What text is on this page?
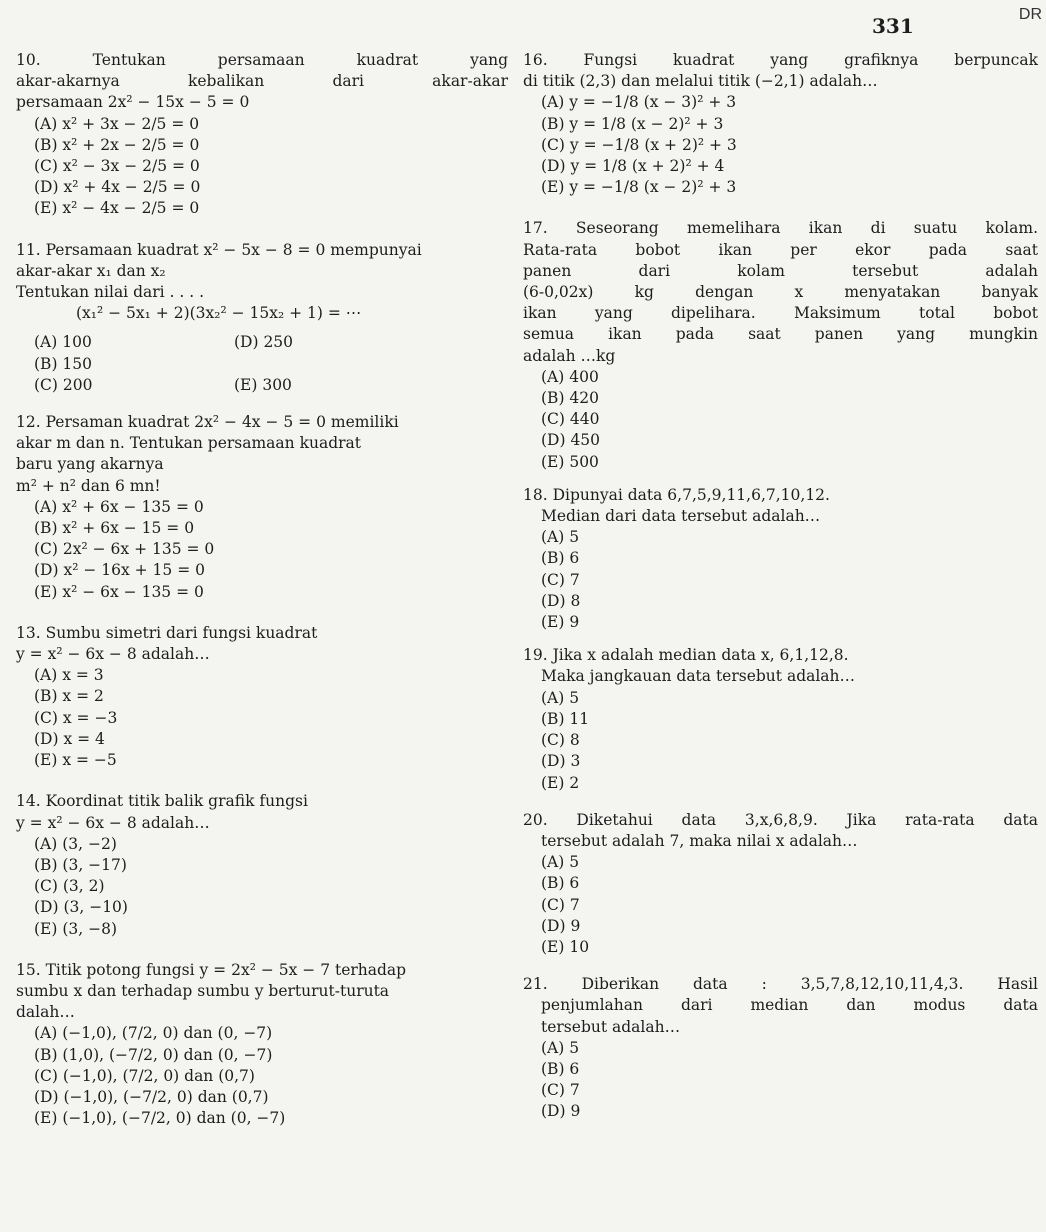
331	DR
10. Tentukan persamaan kuadrat yang
akar-akarnya kebalikan dari akar-akar
persamaan 2x² − 15x − 5 = 0
(A) x² + 3x − 2/5 = 0
(B) x² + 2x − 2/5 = 0
(C) x² − 3x − 2/5 = 0
(D) x² + 4x − 2/5 = 0
(E) x² − 4x − 2/5 = 0
11. Persamaan kuadrat x² − 5x − 8 = 0 mempunyai
akar-akar x₁ dan x₂
Tentukan nilai dari . . . .
(x₁² − 5x₁ + 2)(3x₂² − 15x₂ + 1) = ⋯
(A) 100	(D) 250
(B) 150
(C) 200	(E) 300
12. Persaman kuadrat 2x² − 4x − 5 = 0 memiliki
akar m dan n. Tentukan persamaan kuadrat
baru yang akarnya
m² + n² dan 6 mn!
(A) x² + 6x − 135 = 0
(B) x² + 6x − 15 = 0
(C) 2x² − 6x + 135 = 0
(D) x² − 16x + 15 = 0
(E) x² − 6x − 135 = 0
13. Sumbu simetri dari fungsi kuadrat
y = x² − 6x − 8 adalah…
(A) x = 3
(B) x = 2
(C) x = −3
(D) x = 4
(E) x = −5
14. Koordinat titik balik grafik fungsi
y = x² − 6x − 8 adalah…
(A) (3, −2)
(B) (3, −17)
(C) (3, 2)
(D) (3, −10)
(E) (3, −8)
15. Titik potong fungsi y = 2x² − 5x − 7 terhadap
sumbu x dan terhadap sumbu y berturut-turuta
dalah…
(A) (−1,0), (7/2, 0) dan (0, −7)
(B) (1,0), (−7/2, 0) dan (0, −7)
(C) (−1,0), (7/2, 0) dan (0,7)
(D) (−1,0), (−7/2, 0) dan (0,7)
(E) (−1,0), (−7/2, 0) dan (0, −7)
16. Fungsi kuadrat yang grafiknya berpuncak
di titik (2,3) dan melalui titik (−2,1) adalah…
(A) y = −1/8 (x − 3)² + 3
(B) y = 1/8 (x − 2)² + 3
(C) y = −1/8 (x + 2)² + 3
(D) y = 1/8 (x + 2)² + 4
(E) y = −1/8 (x − 2)² + 3
17. Seseorang memelihara ikan di suatu kolam.
Rata-rata bobot ikan per ekor pada saat
panen dari kolam tersebut adalah
(6-0,02x) kg dengan x menyatakan banyak
ikan yang dipelihara. Maksimum total bobot
semua ikan pada saat panen yang mungkin
adalah …kg
(A) 400
(B) 420
(C) 440
(D) 450
(E) 500
18. Dipunyai data 6,7,5,9,11,6,7,10,12.
Median dari data tersebut adalah…
(A) 5
(B) 6
(C) 7
(D) 8
(E) 9
19. Jika x adalah median data x, 6,1,12,8.
Maka jangkauan data tersebut adalah…
(A) 5
(B) 11
(C) 8
(D) 3
(E) 2
20. Diketahui data 3,x,6,8,9. Jika rata-rata data
tersebut adalah 7, maka nilai x adalah…
(A) 5
(B) 6
(C) 7
(D) 9
(E) 10
21. Diberikan data : 3,5,7,8,12,10,11,4,3. Hasil
penjumlahan dari median dan modus data
tersebut adalah…
(A) 5
(B) 6
(C) 7
(D) 9
